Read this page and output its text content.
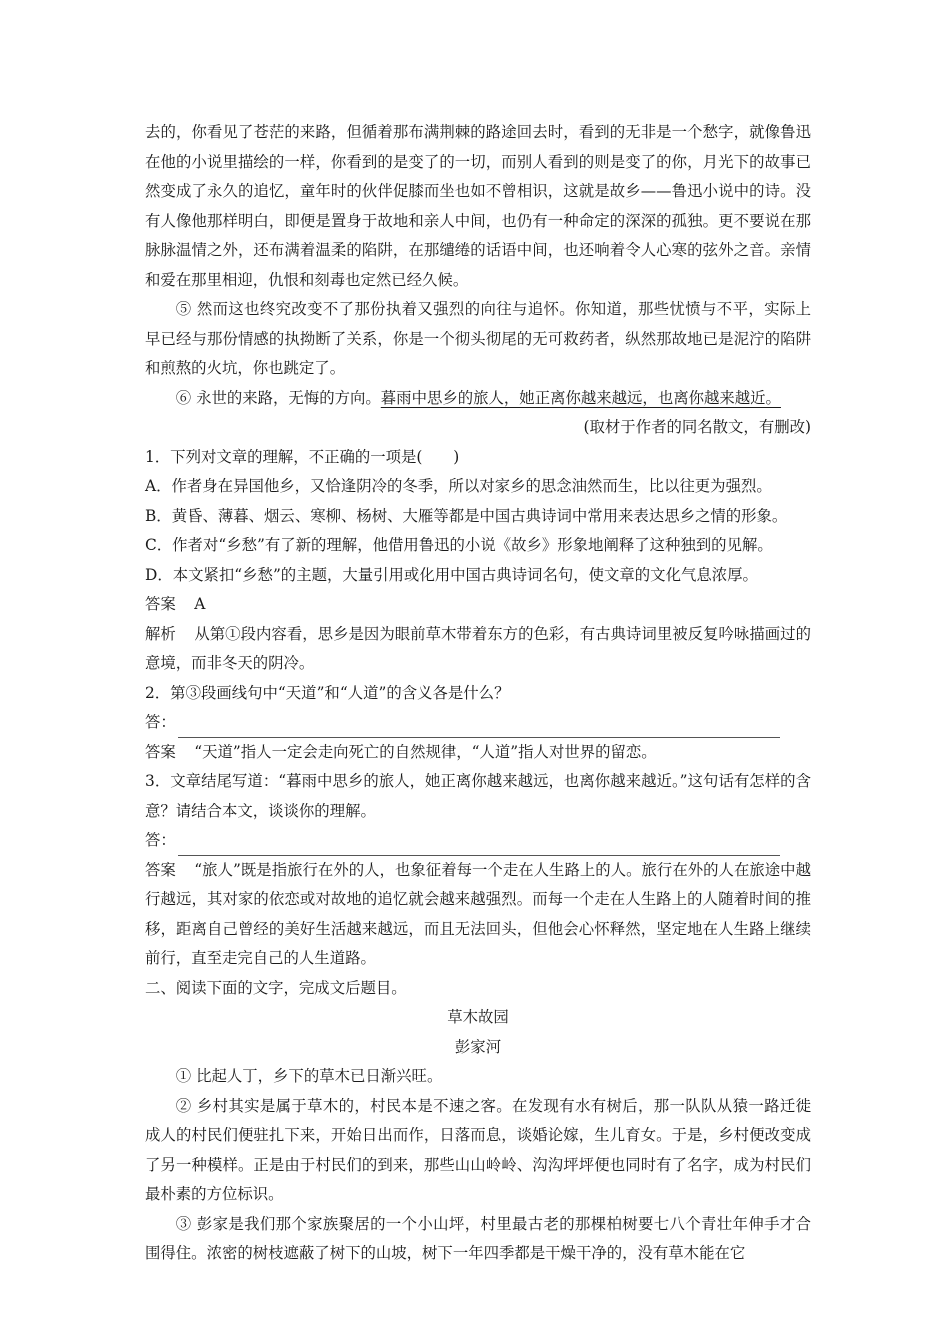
去的，你看见了苍茫的来路，但循着那布满荆棘的路途回去时，看到的无非是一个愁字，就像鲁迅在他的小说里描绘的一样，你看到的是变了的一切，而别人看到的则是变了的你，月光下的故事已然变成了永久的追忆，童年时的伙伴促膝而坐也如不曾相识，这就是故乡——鲁迅小说中的诗。没有人像他那样明白，即便是置身于故地和亲人中间，也仍有一种命定的深深的孤独。更不要说在那脉脉温情之外，还布满着温柔的陷阱，在那缱绻的话语中间，也还响着令人心寒的弦外之音。亲情和爱在那里相迎，仇恨和刻毒也定然已经久候。

⑤ 然而这也终究改变不了那份执着又强烈的向往与追怀。你知道，那些忧愤与不平，实际上早已经与那份情感的执拗断了关系，你是一个彻头彻尾的无可救药者，纵然那故地已是泥泞的陷阱和煎熬的火坑，你也跳定了。

⑥ 永世的来路，无悔的方向。暮雨中思乡的旅人，她正离你越来越远，也离你越来越近。

(取材于作者的同名散文，有删改)

1．下列对文章的理解，不正确的一项是(　　)

A．作者身在异国他乡，又恰逢阴冷的冬季，所以对家乡的思念油然而生，比以往更为强烈。

B．黄昏、薄暮、烟云、寒柳、杨树、大雁等都是中国古典诗词中常用来表达思乡之情的形象。

C．作者对“乡愁”有了新的理解，他借用鲁迅的小说《故乡》形象地阐释了这种独到的见解。

D．本文紧扣“乡愁”的主题，大量引用或化用中国古典诗词名句，使文章的文化气息浓厚。

答案 A

解析 从第①段内容看，思乡是因为眼前草木带着东方的色彩，有古典诗词里被反复吟咏描画过的意境，而非冬天的阴冷。

2．第③段画线句中“天道”和“人道”的含义各是什么？

答：

答案 “天道”指人一定会走向死亡的自然规律，“人道”指人对世界的留恋。

3．文章结尾写道：“暮雨中思乡的旅人，她正离你越来越远，也离你越来越近。”这句话有怎样的含意？请结合本文，谈谈你的理解。

答：

答案 “旅人”既是指旅行在外的人，也象征着每一个走在人生路上的人。旅行在外的人在旅途中越行越远，其对家的依恋或对故地的追忆就会越来越强烈。而每一个走在人生路上的人随着时间的推移，距离自己曾经的美好生活越来越远，而且无法回头，但他会心怀释然，坚定地在人生路上继续前行，直至走完自己的人生道路。

二、阅读下面的文字，完成文后题目。

草木故园

彭家河

① 比起人丁，乡下的草木已日渐兴旺。

② 乡村其实是属于草木的，村民本是不速之客。在发现有水有树后，那一队队从猿一路迁徙成人的村民们便驻扎下来，开始日出而作，日落而息，谈婚论嫁，生儿育女。于是，乡村便改变成了另一种模样。正是由于村民们的到来，那些山山岭岭、沟沟坪坪便也同时有了名字，成为村民们最朴素的方位标识。

③ 彭家是我们那个家族聚居的一个小山坪，村里最古老的那棵柏树要七八个青壮年伸手才合围得住。浓密的树枝遮蔽了树下的山坡，树下一年四季都是干燥干净的，没有草木能在它
